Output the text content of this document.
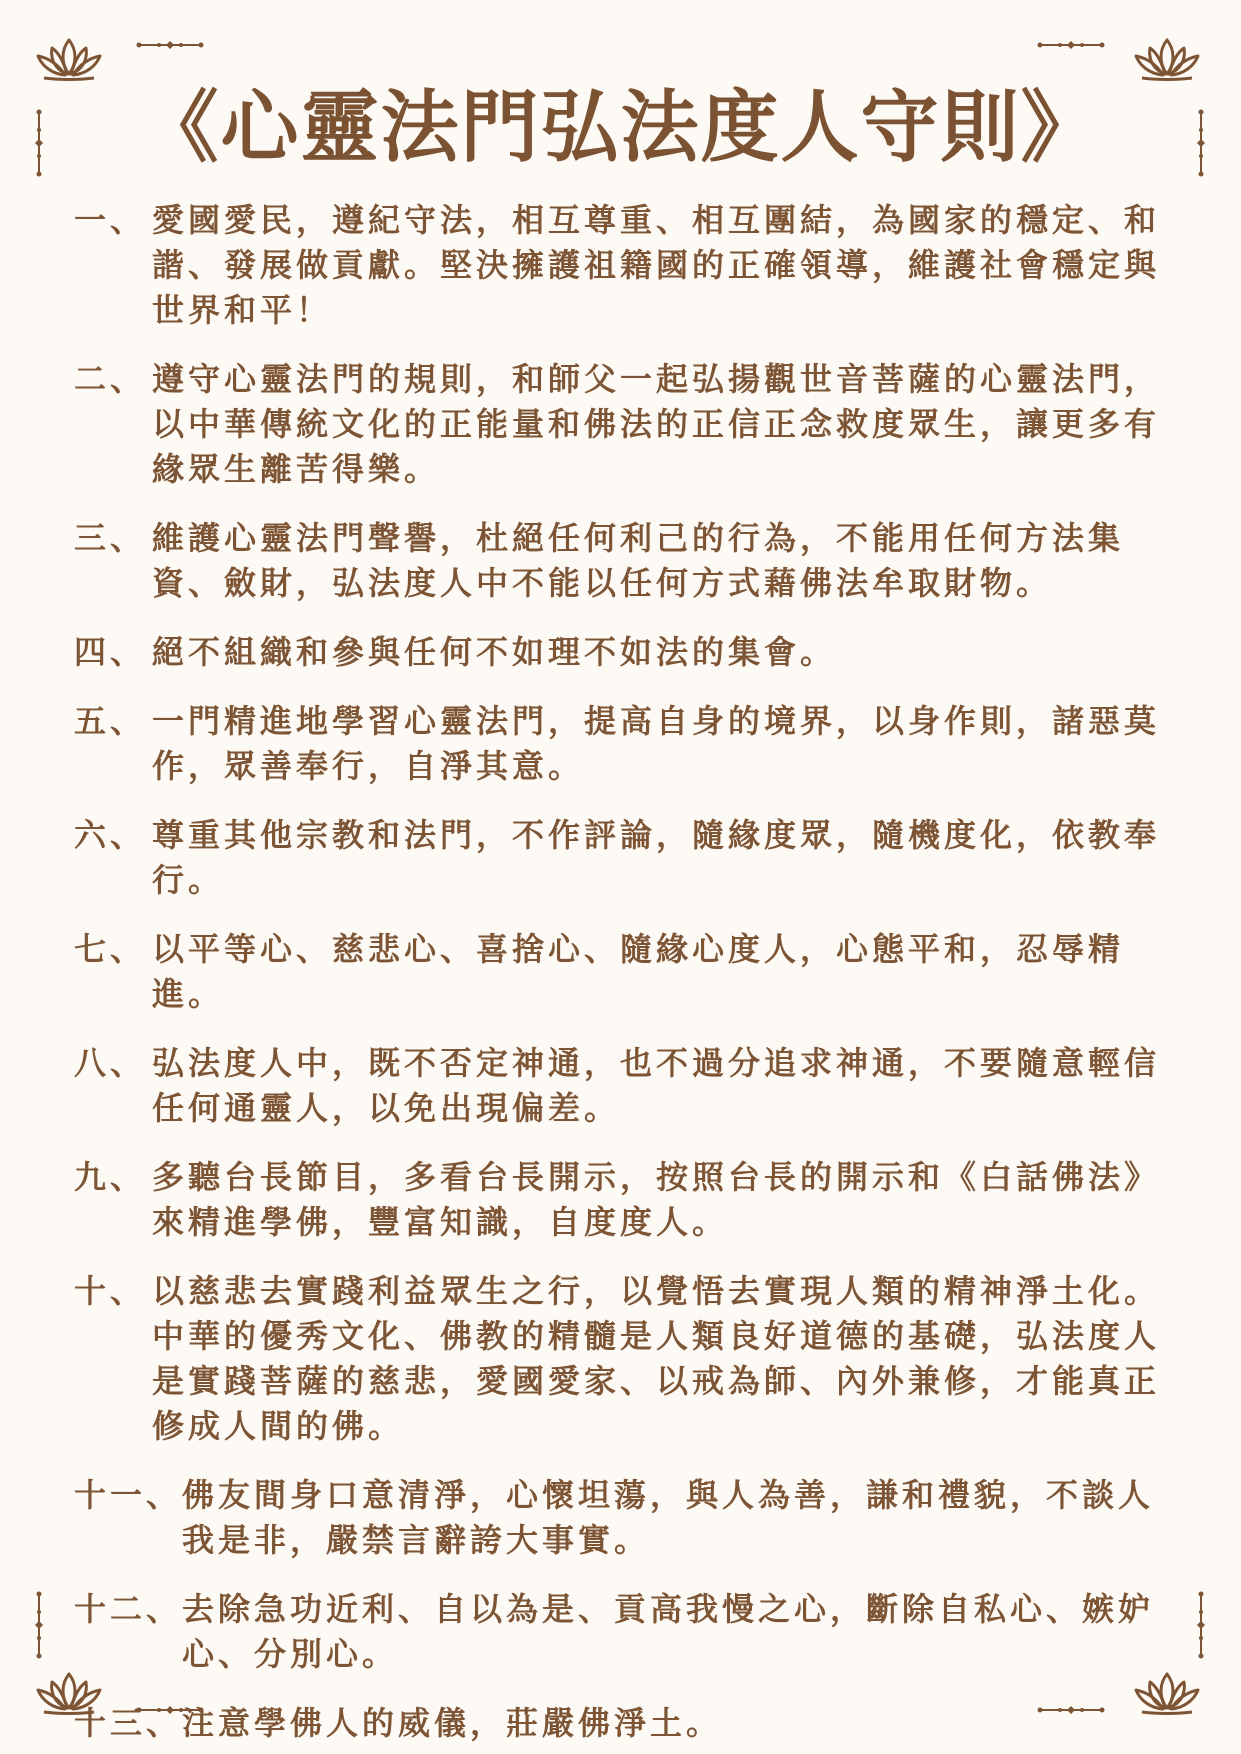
《心靈法門弘法度人守則》
一、 愛國愛民，遵紀守法，相互尊重、相互團結，為國家的穩定、和諧、發展做貢獻。堅決擁護祖籍國的正確領導，維護社會穩定與世界和平！
二、 遵守心靈法門的規則，和師父一起弘揚觀世音菩薩的心靈法門，以中華傳統文化的正能量和佛法的正信正念救度眾生，讓更多有緣眾生離苦得樂。
三、 維護心靈法門聲譽，杜絕任何利己的行為，不能用任何方法集資、斂財，弘法度人中不能以任何方式藉佛法牟取財物。
四、 絕不組織和參與任何不如理不如法的集會。
五、 一門精進地學習心靈法門，提高自身的境界，以身作則，諸惡莫作，眾善奉行，自淨其意。
六、 尊重其他宗教和法門，不作評論，隨緣度眾，隨機度化，依教奉行。
七、 以平等心、慈悲心、喜捨心、隨緣心度人，心態平和，忍辱精進。
八、 弘法度人中，既不否定神通，也不過分追求神通，不要隨意輕信任何通靈人，以免出現偏差。
九、 多聽台長節目，多看台長開示，按照台長的開示和《白話佛法》來精進學佛，豐富知識，自度度人。
十、 以慈悲去實踐利益眾生之行，以覺悟去實現人類的精神淨土化。中華的優秀文化、佛教的精髓是人類良好道德的基礎，弘法度人是實踐菩薩的慈悲，愛國愛家、以戒為師、內外兼修，才能真正修成人間的佛。
十一、 佛友間身口意清淨，心懷坦蕩，與人為善，謙和禮貌，不談人我是非，嚴禁言辭誇大事實。
十二、 去除急功近利、自以為是、貢高我慢之心，斷除自私心、嫉妒心、分別心。
十三、 注意學佛人的威儀，莊嚴佛淨土。
